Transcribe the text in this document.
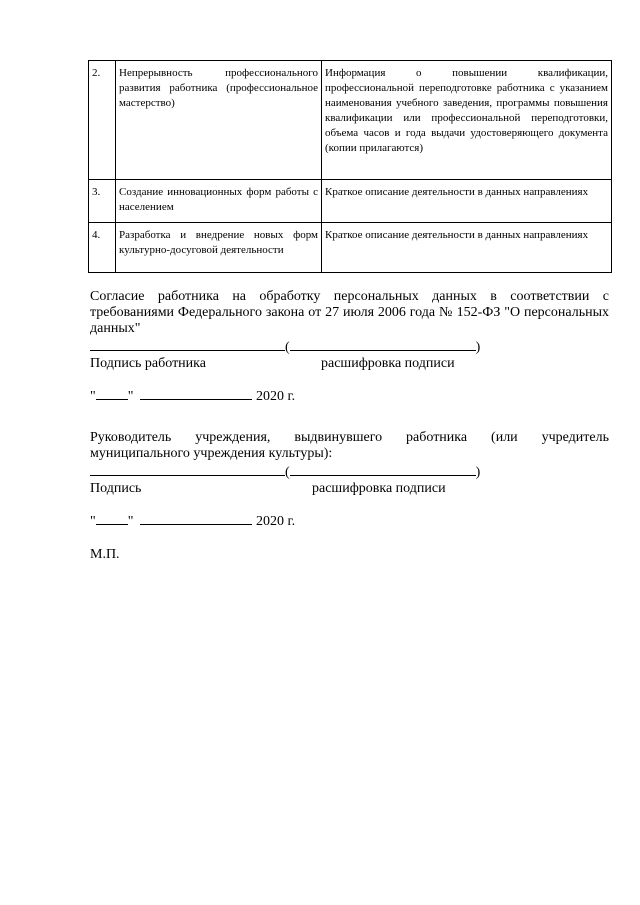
2.	Непрерывность профессионального развития работника (профессиональное мастерство)	Информация о повышении квалификации, профессиональной переподготовке работника с указанием наименования учебного заведения, программы повышения квалификации или профессиональной переподготовки, объема часов и года выдачи удостоверяющего документа (копии прилагаются)
3.	Создание инновационных форм работы с населением	Краткое описание деятельности в данных направлениях
4.	Разработка и внедрение новых форм культурно-досуговой деятельности	Краткое описание деятельности в данных направлениях

Согласие работника на обработку персональных данных в соответствии с требованиями Федерального закона от 27 июля 2006 года № 152-ФЗ "О персональных данных"

(	)

Подпись работника	расшифровка подписи

" "	2020 г.

Руководитель учреждения, выдвинувшего работника (или учредитель муниципального учреждения культуры):

(	)

Подпись	расшифровка подписи

" "	2020 г.

М.П.
